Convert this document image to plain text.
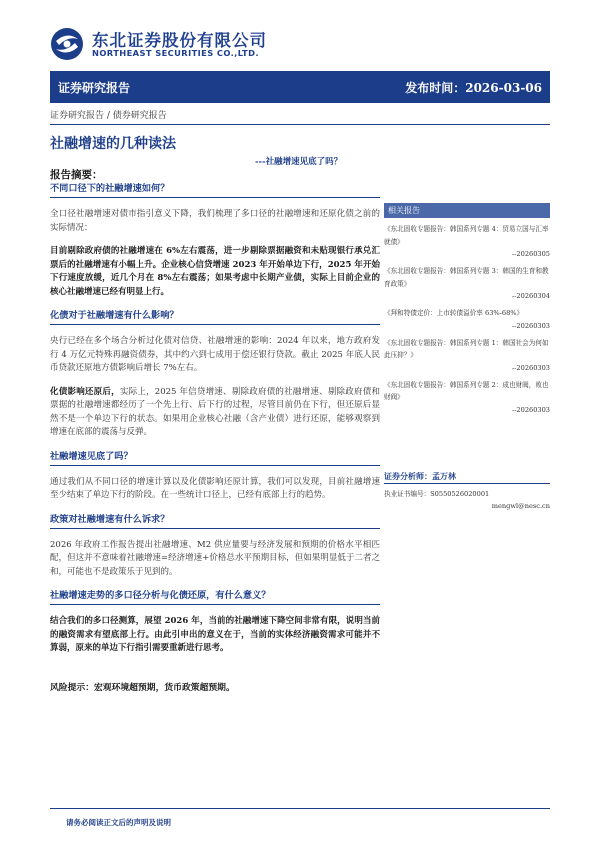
东北证券股份有限公司
NORTHEAST SECURITIES CO.,LTD.
证券研究报告	发布时间：2026-03-06
证券研究报告 / 债券研究报告
社融增速的几种读法
---社融增速见底了吗？
报告摘要：
不同口径下的社融增速如何？

全口径社融增速对债市指引意义下降，我们梳理了多口径的社融增速和还原化债之前的实际情况：

目前剔除政府债的社融增速在 6%左右震荡，进一步剔除票据融资和未贴现银行承兑汇票后的社融增速有小幅上升。企业核心信贷增速 2023 年开始单边下行，2025 年开始下行速度放缓，近几个月在 8%左右震荡；如果考虑中长期产业债，实际上目前企业的核心社融增速已经有明显上行。

化债对于社融增速有什么影响？

央行已经在多个场合分析过化债对信贷、社融增速的影响：2024 年以来，地方政府发行 4 万亿元特殊再融资债券，其中约六到七成用于偿还银行贷款。截止 2025 年底人民币贷款还原地方债影响后增长 7%左右。

化债影响还原后，实际上，2025 年信贷增速、剔除政府债的社融增速、剔除政府债和票据的社融增速都经历了一个先上行、后下行的过程，尽管目前仍在下行，但还原后显然不是一个单边下行的状态。如果用企业核心社融（含产业债）进行还原，能够观察到增速在底部的震荡与反弹。

社融增速见底了吗？

通过我们从不同口径的增速计算以及化债影响还原计算，我们可以发现，目前社融增速至少结束了单边下行的阶段。在一些统计口径上，已经有底部上行的趋势。

政策对社融增速有什么诉求？

2026 年政府工作报告提出社融增速、M2 供应量要与经济发展和预期的价格水平相匹配，但这并不意味着社融增速=经济增速+价格总水平预期目标，但如果明显低于二者之和，可能也不是政策乐于见到的。

社融增速走势的多口径分析与化债还原，有什么意义？

结合我们的多口径测算，展望 2026 年，当前的社融增速下降空间非常有限，说明当前的融资需求有望底部上行。由此引申出的意义在于，当前的实体经济融资需求可能并不算弱，原来的单边下行指引需要重新进行思考。

风险提示：宏观环境超预期，货币政策超预期。
相关报告
《东北固收专题报告：韩国系列专题 4：贸易立国与汇率就债》
--20260305
《东北固收专题报告：韩国系列专题 3：韩国的生育和教育政策》
--20260304
《拜和特债定价：上市转债溢价率 63%-68%》
--20260303
《东北固收专题报告：韩国系列专题 1：韩国社会为何如此压抑？》
--20260303
《东北固收专题报告：韩国系列专题 2：成也财阀，败也财阀》
--20260303
证券分析师：孟万林
执业证书编号：S0550526020001
mengwl@nesc.cn
请务必阅读正文后的声明及说明
